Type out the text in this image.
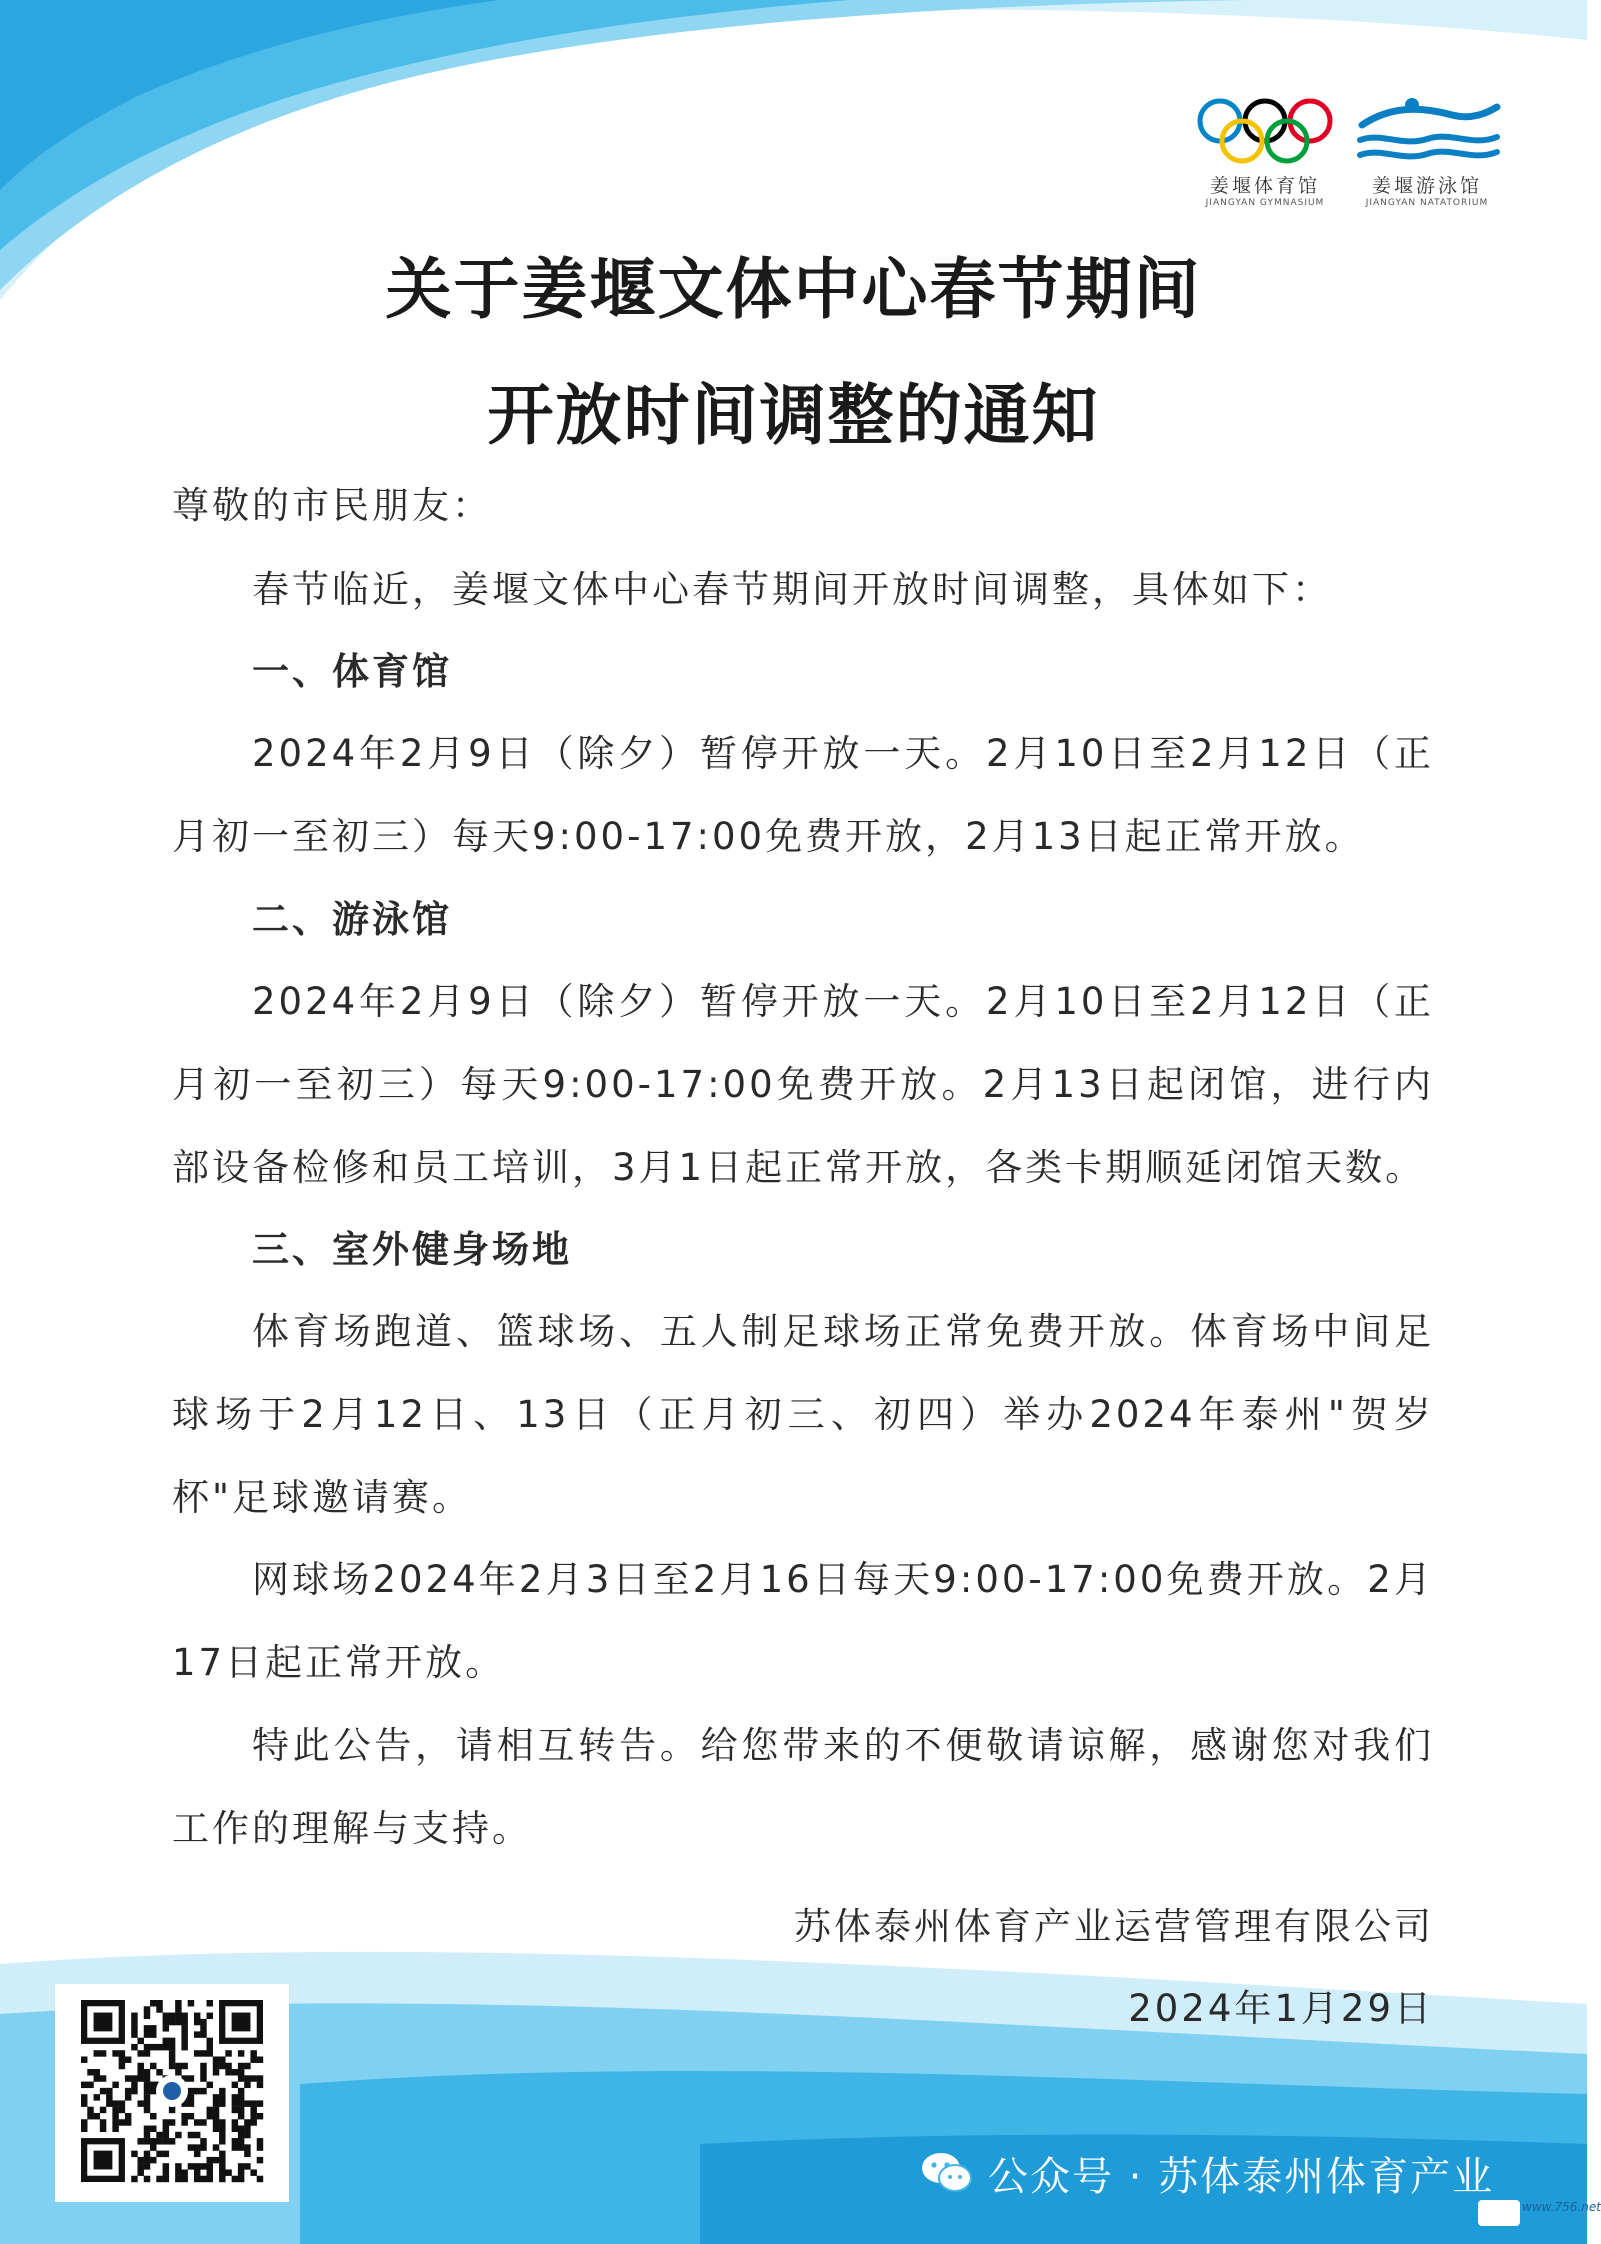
姜堰体育馆
JIANGYAN GYMNASIUM
姜堰游泳馆
JIANGYAN NATATORIUM
关于姜堰文体中心春节期间
开放时间调整的通知

尊敬的市民朋友：

春节临近，姜堰文体中心春节期间开放时间调整，具体如下：

一、体育馆

2024年2月9日（除夕）暂停开放一天。2月10日至2月12日（正月初一至初三）每天9:00-17:00免费开放，2月13日起正常开放。

二、游泳馆

2024年2月9日（除夕）暂停开放一天。2月10日至2月12日（正月初一至初三）每天9:00-17:00免费开放。2月13日起闭馆，进行内部设备检修和员工培训，3月1日起正常开放，各类卡期顺延闭馆天数。

三、室外健身场地

体育场跑道、篮球场、五人制足球场正常免费开放。体育场中间足球场于2月12日、13日（正月初三、初四）举办2024年泰州"贺岁杯"足球邀请赛。

网球场2024年2月3日至2月16日每天9:00-17:00免费开放。2月17日起正常开放。

特此公告，请相互转告。给您带来的不便敬请谅解，感谢您对我们工作的理解与支持。

苏体泰州体育产业运营管理有限公司
2024年1月29日
公众号 · 苏体泰州体育产业
www.756.net
